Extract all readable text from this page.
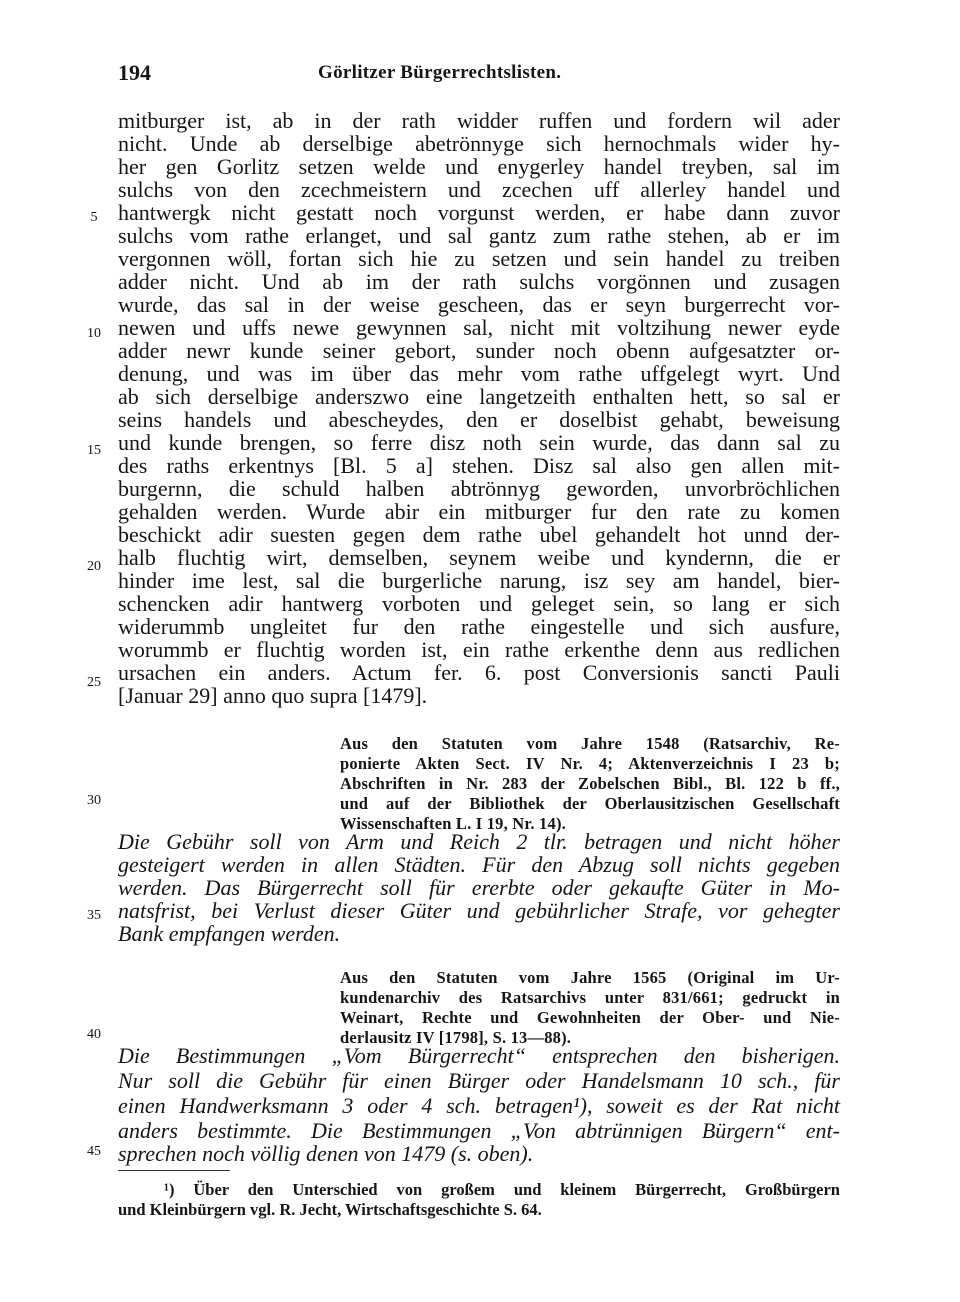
194	Görlitzer Bürgerrechtslisten.
mitburger ist, ab in der rath widder ruffen und fordern wil ader
nicht. Unde ab derselbige abetrönnyge sich hernochmals wider hy-
her gen Gorlitz setzen welde und enygerley handel treyben, sal im
sulchs von den zcechmeistern und zcechen uff allerley handel und
hantwergk nicht gestatt noch vorgunst werden, er habe dann zuvor
sulchs vom rathe erlanget, und sal gantz zum rathe stehen, ab er im
vergonnen wöll, fortan sich hie zu setzen und sein handel zu treiben
adder nicht. Und ab im der rath sulchs vorgönnen und zusagen
wurde, das sal in der weise gescheen, das er seyn burgerrecht vor-
newen und uffs newe gewynnen sal, nicht mit voltzihung newer eyde
adder newr kunde seiner gebort, sunder noch obenn aufgesatzter or-
denung, und was im über das mehr vom rathe uffgelegt wyrt. Und
ab sich derselbige anderszwo eine langetzeith enthalten hett, so sal er
seins handels und abescheydes, den er doselbist gehabt, beweisung
und kunde brengen, so ferre disz noth sein wurde, das dann sal zu
des raths erkentnys [Bl. 5 a] stehen. Disz sal also gen allen mit-
burgernn, die schuld halben abtrönnyg geworden, unvorbröchlichen
gehalden werden. Wurde abir ein mitburger fur den rate zu komen
beschickt adir suesten gegen dem rathe ubel gehandelt hot unnd der-
halb fluchtig wirt, demselben, seynem weibe und kyndernn, die er
hinder ime lest, sal die burgerliche narung, isz sey am handel, bier-
schencken adir hantwerg vorboten und geleget sein, so lang er sich
widerummb ungleitet fur den rathe eingestelle und sich ausfure,
worummb er fluchtig worden ist, ein rathe erkenthe denn aus redlichen
ursachen ein anders. Actum fer. 6. post Conversionis sancti Pauli
[Januar 29] anno quo supra [1479].
Aus den Statuten vom Jahre 1548 (Ratsarchiv, Re-
ponierte Akten Sect. IV Nr. 4; Aktenverzeichnis I 23 b;
Abschriften in Nr. 283 der Zobelschen Bibl., Bl. 122 b ff.,
und auf der Bibliothek der Oberlausitzischen Gesellschaft
Wissenschaften L. I 19, Nr. 14).
Die Gebühr soll von Arm und Reich 2 tlr. betragen und nicht höher
gesteigert werden in allen Städten. Für den Abzug soll nichts gegeben
werden. Das Bürgerrecht soll für ererbte oder gekaufte Güter in Mo-
natsfrist, bei Verlust dieser Güter und gebührlicher Strafe, vor gehegter
Bank empfangen werden.
Aus den Statuten vom Jahre 1565 (Original im Ur-
kundenarchiv des Ratsarchivs unter 831/661; gedruckt in
Weinart, Rechte und Gewohnheiten der Ober- und Nie-
derlausitz IV [1798], S. 13—88).
Die Bestimmungen „Vom Bürgerrecht“ entsprechen den bisherigen.
Nur soll die Gebühr für einen Bürger oder Handelsmann 10 sch., für
einen Handwerksmann 3 oder 4 sch. betragen¹), soweit es der Rat nicht
anders bestimmte. Die Bestimmungen „Von abtrünnigen Bürgern“ ent-
sprechen noch völlig denen von 1479 (s. oben).
¹) Über den Unterschied von großem und kleinem Bürgerrecht, Großbürgern
und Kleinbürgern vgl. R. Jecht, Wirtschaftsgeschichte S. 64.
5
10
15
20
25
30
35
40
45
